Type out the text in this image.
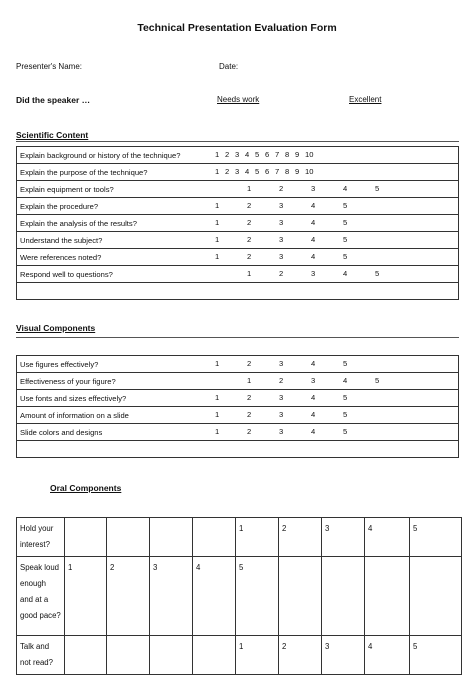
Technical Presentation Evaluation Form
Presenter's Name:	Date:
Did the speaker …	Needs work	Excellent
Scientific Content
Explain background or history of the technique?	1 2 3 4 5 6 7 8 9 10

Explain the purpose of the technique?	1 2 3 4 5 6 7 8 9 10

Explain equipment or tools?	1	2	3	4	5

Explain the procedure?	1	2	3	4	5

Explain the analysis of the results?	1	2	3	4	5

Understand the subject?	1	2	3	4	5

Were references noted?	1	2	3	4	5

Respond well to questions?	1	2	3	4	5

Visual Components
Use figures effectively?	1	2	3	4	5

Effectiveness of your figure?	1	2	3	4	5

Use fonts and sizes effectively?	1	2	3	4	5

Amount of information on a slide	1	2	3	4	5

Slide colors and designs	1	2	3	4	5

Oral Components
Hold your interest?					1	2	3	4	5
Speak loud enough and at a good pace?	1	2	3	4	5				
Talk and not read?					1	2	3	4	5
